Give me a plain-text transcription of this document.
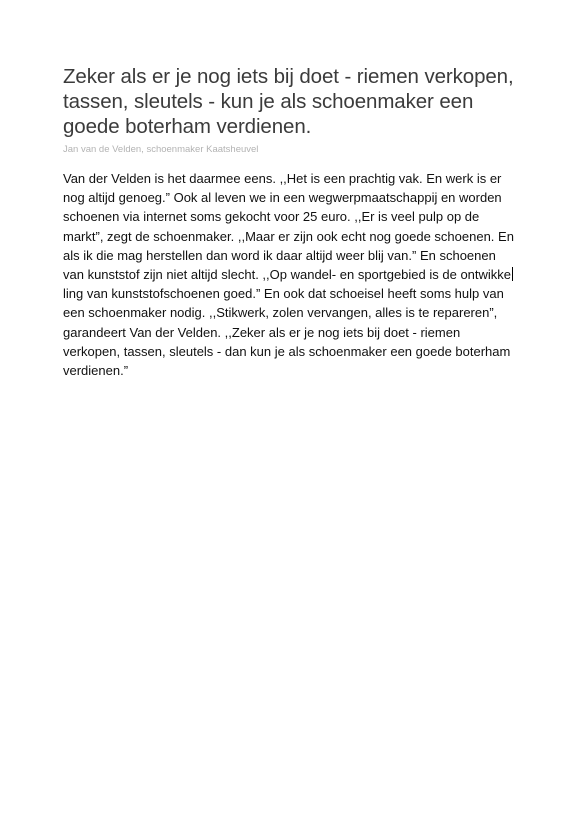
Zeker als er je nog iets bij doet - riemen verkopen, tassen, sleutels - kun je als schoenmaker een goede boterham verdienen.
Jan van de Velden, schoenmaker Kaatsheuvel

Van der Velden is het daarmee eens. ,,Het is een prachtig vak. En werk is er nog altijd genoeg.” Ook al leven we in een wegwerpmaatschappij en worden schoenen via internet soms gekocht voor 25 euro. ,,Er is veel pulp op de markt”, zegt de schoenmaker. ,,Maar er zijn ook echt nog goede schoenen. En als ik die mag herstellen dan word ik daar altijd weer blij van.” En schoenen van kunststof zijn niet altijd slecht. ,,Op wandel- en sportgebied is de ontwikkeling van kunststofschoenen goed.” En ook dat schoeisel heeft soms hulp van een schoenmaker nodig. ,,Stikwerk, zolen vervangen, alles is te repareren”, garandeert Van der Velden. ,,Zeker als er je nog iets bij doet - riemen verkopen, tassen, sleutels - dan kun je als schoenmaker een goede boterham verdienen.”
